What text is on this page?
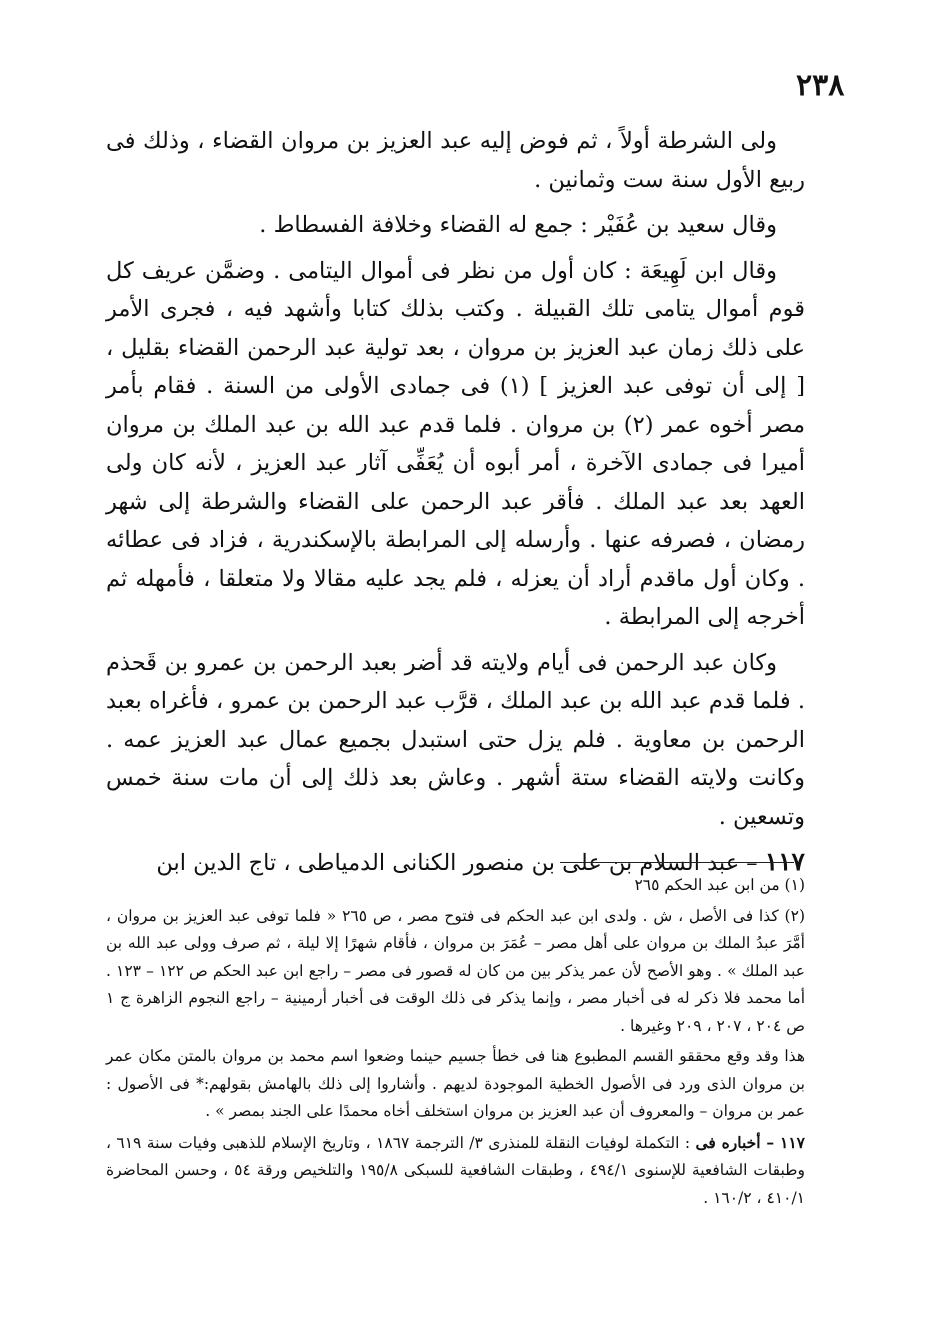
٢٣٨

ولى الشرطة أولاً ، ثم فوض إليه عبد العزيز بن مروان القضاء ، وذلك فى ربيع الأول سنة ست وثمانين .

وقال سعيد بن عُفَيْر : جمع له القضاء وخلافة الفسطاط .

وقال ابن لَهِيعَة : كان أول من نظر فى أموال اليتامى . وضمَّن عريف كل قوم أموال يتامى تلك القبيلة . وكتب بذلك كتابا وأشهد فيه ، فجرى الأمر على ذلك زمان عبد العزيز بن مروان ، بعد تولية عبد الرحمن القضاء بقليل ، [ إلى أن توفى عبد العزيز ] (١) فى جمادى الأولى من السنة . فقام بأمر مصر أخوه عمر (٢) بن مروان . فلما قدم عبد الله بن عبد الملك بن مروان أميرا فى جمادى الآخرة ، أمر أبوه أن يُعَفِّى آثار عبد العزيز ، لأنه كان ولى العهد بعد عبد الملك . فأقر عبد الرحمن على القضاء والشرطة إلى شهر رمضان ، فصرفه عنها . وأرسله إلى المرابطة بالإسكندرية ، فزاد فى عطائه . وكان أول ماقدم أراد أن يعزله ، فلم يجد عليه مقالا ولا متعلقا ، فأمهله ثم أخرجه إلى المرابطة .

وكان عبد الرحمن فى أيام ولايته قد أضر بعبد الرحمن بن عمرو بن قَحذم . فلما قدم عبد الله بن عبد الملك ، قرَّب عبد الرحمن بن عمرو ، فأغراه بعبد الرحمن بن معاوية . فلم يزل حتى استبدل بجميع عمال عبد العزيز عمه . وكانت ولايته القضاء ستة أشهر . وعاش بعد ذلك إلى أن مات سنة خمس وتسعين .

١١٧ – عبد السلام بن على بن منصور الكنانى الدمياطى ، تاج الدين ابن

(١) من ابن عبد الحكم ٢٦٥

(٢) كذا فى الأصل ، ش . ولدى ابن عبد الحكم فى فتوح مصر ، ص ٢٦٥ « فلما توفى عبد العزيز بن مروان ، أمَّرَ عبدُ الملك بن مروان على أهل مصر – عُمَرَ بن مروان ، فأقام شهرًا إلا ليلة ، ثم صرف وولى عبد الله بن عبد الملك » . وهو الأصح لأن عمر يذكر بين من كان له قصور فى مصر – راجع ابن عبد الحكم ص ١٢٢ – ١٢٣ . أما محمد فلا ذكر له فى أخبار مصر ، وإنما يذكر فى ذلك الوقت فى أخبار أرمينية – راجع النجوم الزاهرة ج ١ ص ٢٠٤ ، ٢٠٧ ، ٢٠٩ وغيرها .

هذا وقد وقع محققو القسم المطبوع هنا فى خطأ جسيم حينما وضعوا اسم محمد بن مروان بالمتن مكان عمر بن مروان الذى ورد فى الأصول الخطية الموجودة لديهم . وأشاروا إلى ذلك بالهامش بقولهم:* فى الأصول : عمر بن مروان – والمعروف أن عبد العزيز بن مروان استخلف أخاه محمدًا على الجند بمصر » .

١١٧ – أخباره فى : التكملة لوفيات النقلة للمنذرى ٣/ الترجمة ١٨٦٧ ، وتاريخ الإسلام للذهبى وفيات سنة ٦١٩ ، وطبقات الشافعية للإسنوى ٤٩٤/١ ، وطبقات الشافعية للسبكى ١٩٥/٨ والتلخيص ورقة ٥٤ ، وحسن المحاضرة ٤١٠/١ ، ١٦٠/٢ .
